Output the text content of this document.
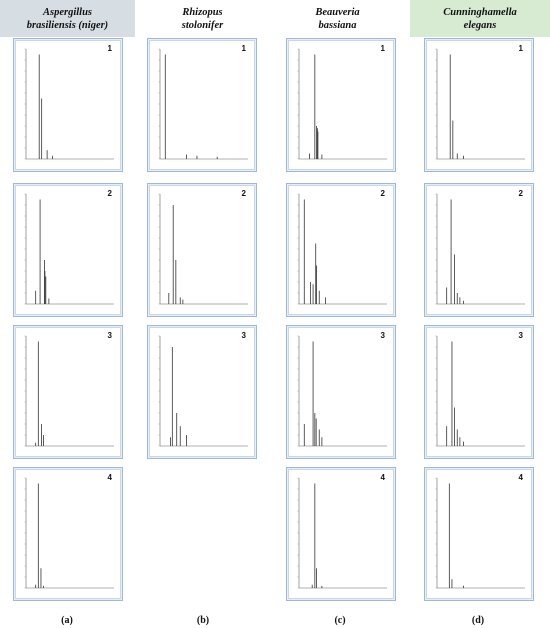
Aspergillus
brasiliensis (niger)
Rhizopus
stolonifer
Beauveria
bassiana
Cunninghamella
elegans
1
2
3
4
1
2
3
1
2
3
4
1
2
3
4
(a)	(b)	(c)	(d)
